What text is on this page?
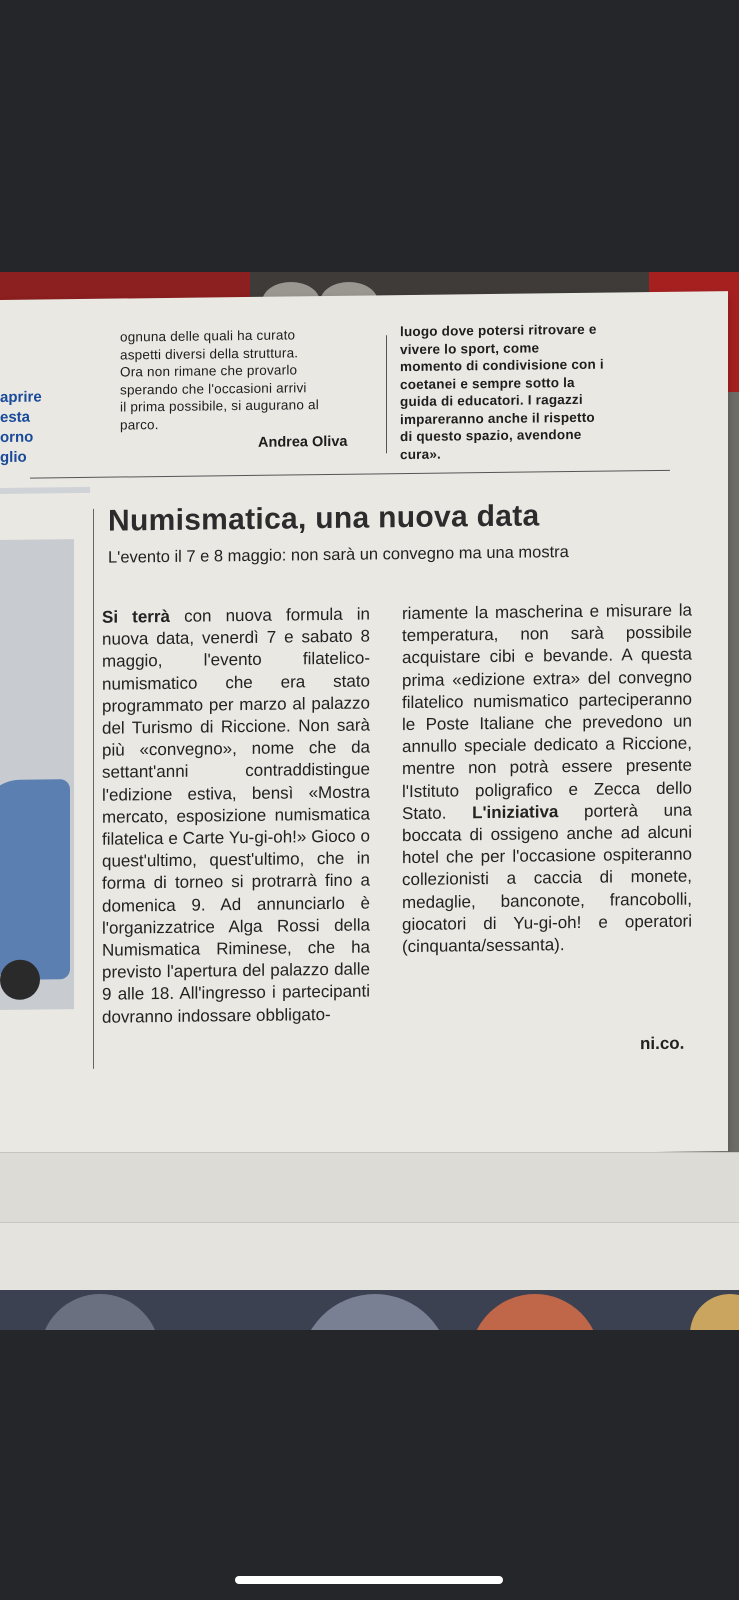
aprire
esta
orno
glio
ognuna delle quali ha curato
aspetti diversi della struttura.
Ora non rimane che provarlo
sperando che l'occasioni arrivi
il prima possibile, si augurano al
parco.
Andrea Oliva
luogo dove potersi ritrovare e
vivere lo sport, come
momento di condivisione con i
coetanei e sempre sotto la
guida di educatori. I ragazzi
impareranno anche il rispetto
di questo spazio, avendone
cura».
Numismatica, una nuova data
L'evento il 7 e 8 maggio: non sarà un convegno ma una mostra
Si terrà con nuova formula in nuova data, venerdì 7 e sabato 8 maggio, l'evento filatelico-numismatico che era stato programmato per marzo al palazzo del Turismo di Riccione. Non sarà più «convegno», nome che da settant'anni contraddistingue l'edizione estiva, bensì «Mostra mercato, esposizione numismatica filatelica e Carte Yu-gi-oh!» Gioco o quest'ultimo, quest'ultimo, che in forma di torneo si protrarrà fino a domenica 9. Ad annunciarlo è l'organizzatrice Alga Rossi della Numismatica Riminese, che ha previsto l'apertura del palazzo dalle 9 alle 18. All'ingresso i partecipanti dovranno indossare obbligato-
riamente la mascherina e misurare la temperatura, non sarà possibile acquistare cibi e bevande. A questa prima «edizione extra» del convegno filatelico numismatico parteciperanno le Poste Italiane che prevedono un annullo speciale dedicato a Riccione, mentre non potrà essere presente l'Istituto poligrafico e Zecca dello Stato. L'iniziativa porterà una boccata di ossigeno anche ad alcuni hotel che per l'occasione ospiteranno collezionisti a caccia di monete, medaglie, banconote, francobolli, giocatori di Yu-gi-oh! e operatori (cinquanta/sessanta).
ni.co.
